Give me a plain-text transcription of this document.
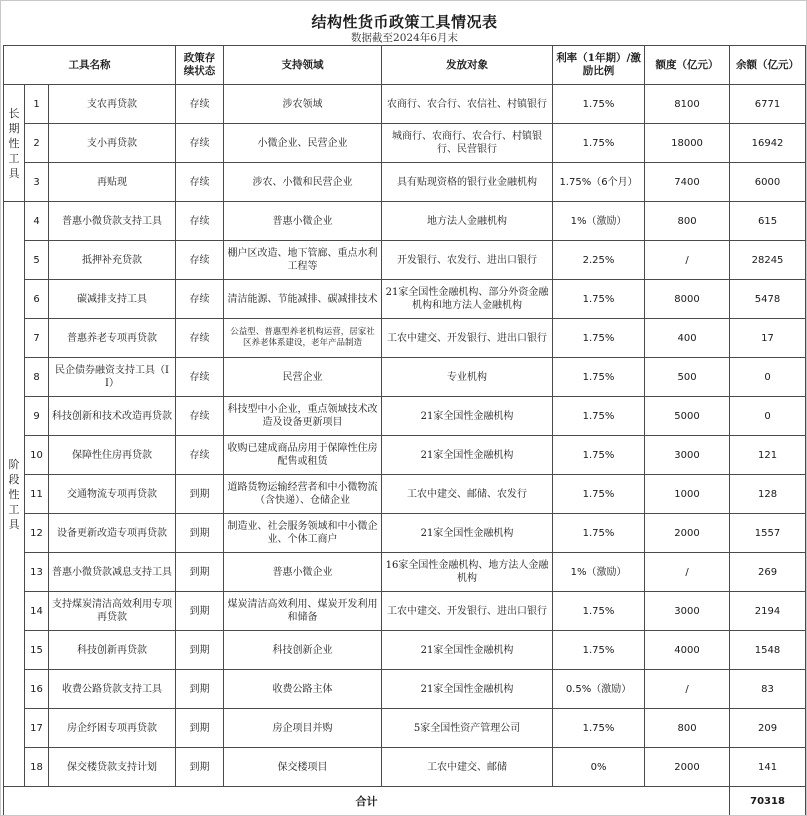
结构性货币政策工具情况表
数据截至2024年6月末
工具名称			政策存续状态	支持领域	发放对象	利率（1年期）/激励比例	额度（亿元）	余额（亿元）

长
期
性
工
具	1	支农再贷款	存续	涉农领域	农商行、农合行、农信社、村镇银行	1.75%	8100	6771
	2	支小再贷款	存续	小微企业、民营企业	城商行、农商行、农合行、村镇银行、民营银行	1.75%	18000	16942
	3	再贴现	存续	涉农、小微和民营企业	具有贴现资格的银行业金融机构	1.75%（6个月）	7400	6000

阶
段
性
工
具	4	普惠小微贷款支持工具	存续	普惠小微企业	地方法人金融机构	1%（激励）	800	615
	5	抵押补充贷款	存续	棚户区改造、地下管廊、重点水利工程等	开发银行、农发行、进出口银行	2.25%	/	28245
	6	碳减排支持工具	存续	清洁能源、节能减排、碳减排技术	21家全国性金融机构、部分外资金融机构和地方法人金融机构	1.75%	8000	5478
	7	普惠养老专项再贷款	存续	公益型、普惠型养老机构运营，居家社区养老体系建设，老年产品制造	工农中建交、开发银行、进出口银行	1.75%	400	17
	8	民企债券融资支持工具（II）	存续	民营企业	专业机构	1.75%	500	0
	9	科技创新和技术改造再贷款	存续	科技型中小企业，重点领域技术改造及设备更新项目	21家全国性金融机构	1.75%	5000	0
	10	保障性住房再贷款	存续	收购已建成商品房用于保障性住房配售或租赁	21家全国性金融机构	1.75%	3000	121
	11	交通物流专项再贷款	到期	道路货物运输经营者和中小微物流（含快递）、仓储企业	工农中建交、邮储、农发行	1.75%	1000	128
	12	设备更新改造专项再贷款	到期	制造业、社会服务领域和中小微企业、个体工商户	21家全国性金融机构	1.75%	2000	1557
	13	普惠小微贷款减息支持工具	到期	普惠小微企业	16家全国性金融机构、地方法人金融机构	1%（激励）	/	269
	14	支持煤炭清洁高效利用专项再贷款	到期	煤炭清洁高效利用、煤炭开发利用和储备	工农中建交、开发银行、进出口银行	1.75%	3000	2194
	15	科技创新再贷款	到期	科技创新企业	21家全国性金融机构	1.75%	4000	1548
	16	收费公路贷款支持工具	到期	收费公路主体	21家全国性金融机构	0.5%（激励）	/	83
	17	房企纾困专项再贷款	到期	房企项目并购	5家全国性资产管理公司	1.75%	800	209
	18	保交楼贷款支持计划	到期	保交楼项目	工农中建交、邮储	0%	2000	141
合计								70318
